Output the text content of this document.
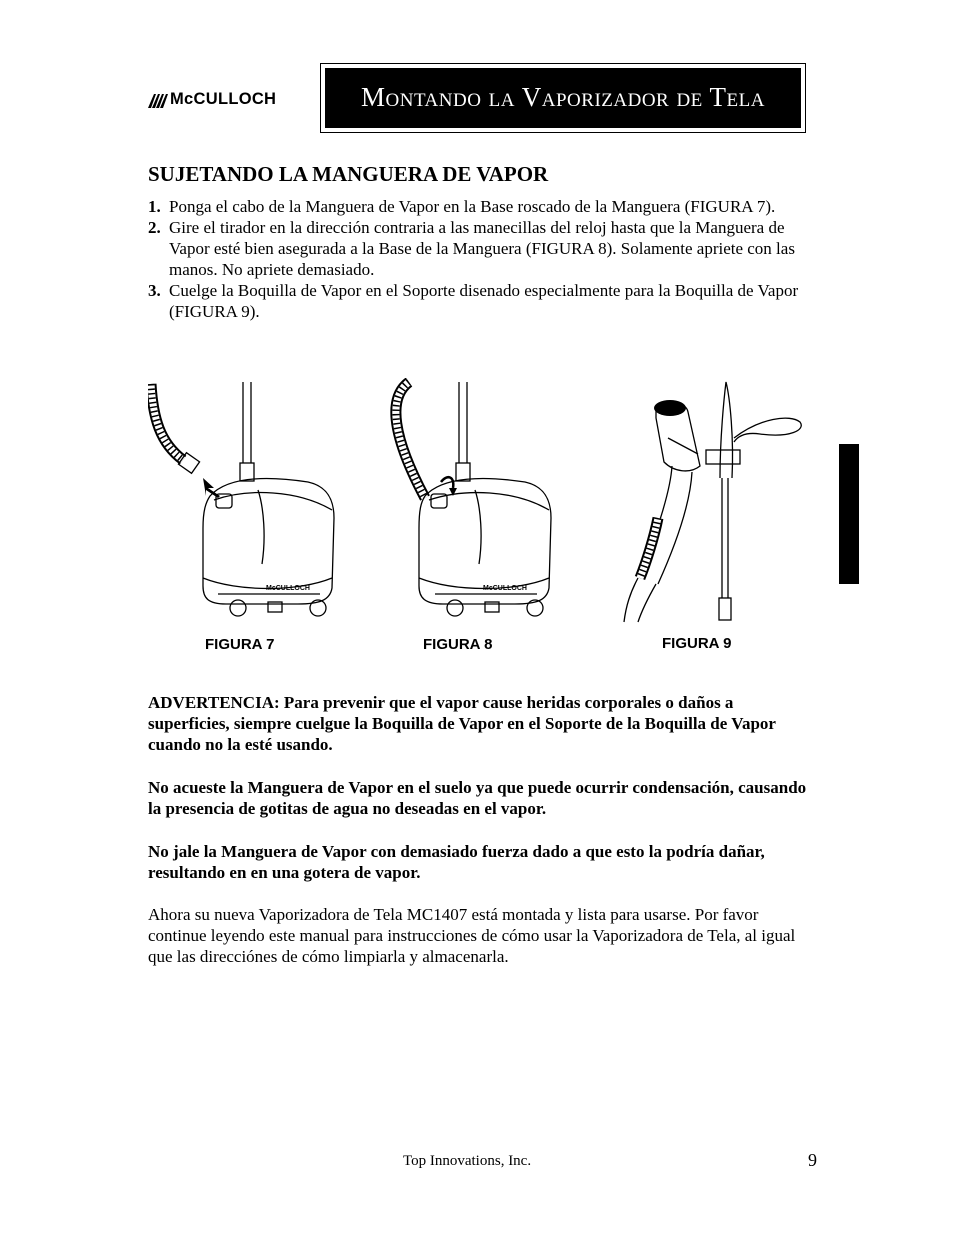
McCULLOCH	Montando la Vaporizador de Tela
SUJETANDO LA MANGUERA DE VAPOR
1. Ponga el cabo de la Manguera de Vapor en la Base roscado de la Manguera (FIGURA 7).
2. Gire el tirador en la dirección contraria a las manecillas del reloj hasta que la Manguera de Vapor esté bien asegurada a la Base de la Manguera (FIGURA 8). Solamente apriete con las manos. No apriete demasiado.
3. Cuelge la Boquilla de Vapor en el Soporte disenado especialmente para la Boquilla de Vapor (FIGURA 9).
McCULLOCH
FIGURA 7
McCULLOCH
FIGURA 8	FIGURA 9
ADVERTENCIA: Para prevenir que el vapor cause heridas corporales o daños a superficies, siempre cuelgue la Boquilla de Vapor en el Soporte de la Boquilla de Vapor cuando no la esté usando.
No acueste la Manguera de Vapor en el suelo ya que puede ocurrir condensación, causando la presencia de gotitas de agua no deseadas en el vapor.
No jale la Manguera de Vapor con demasiado fuerza dado a que esto la podría dañar, resultando en en una gotera de vapor.
Ahora su nueva Vaporizadora de Tela MC1407 está montada y lista para usarse. Por favor continue leyendo este manual para instrucciones de cómo usar la Vaporizadora de Tela, al igual que las direcciónes de cómo limpiarla y almacenarla.
Top Innovations, Inc.	9
